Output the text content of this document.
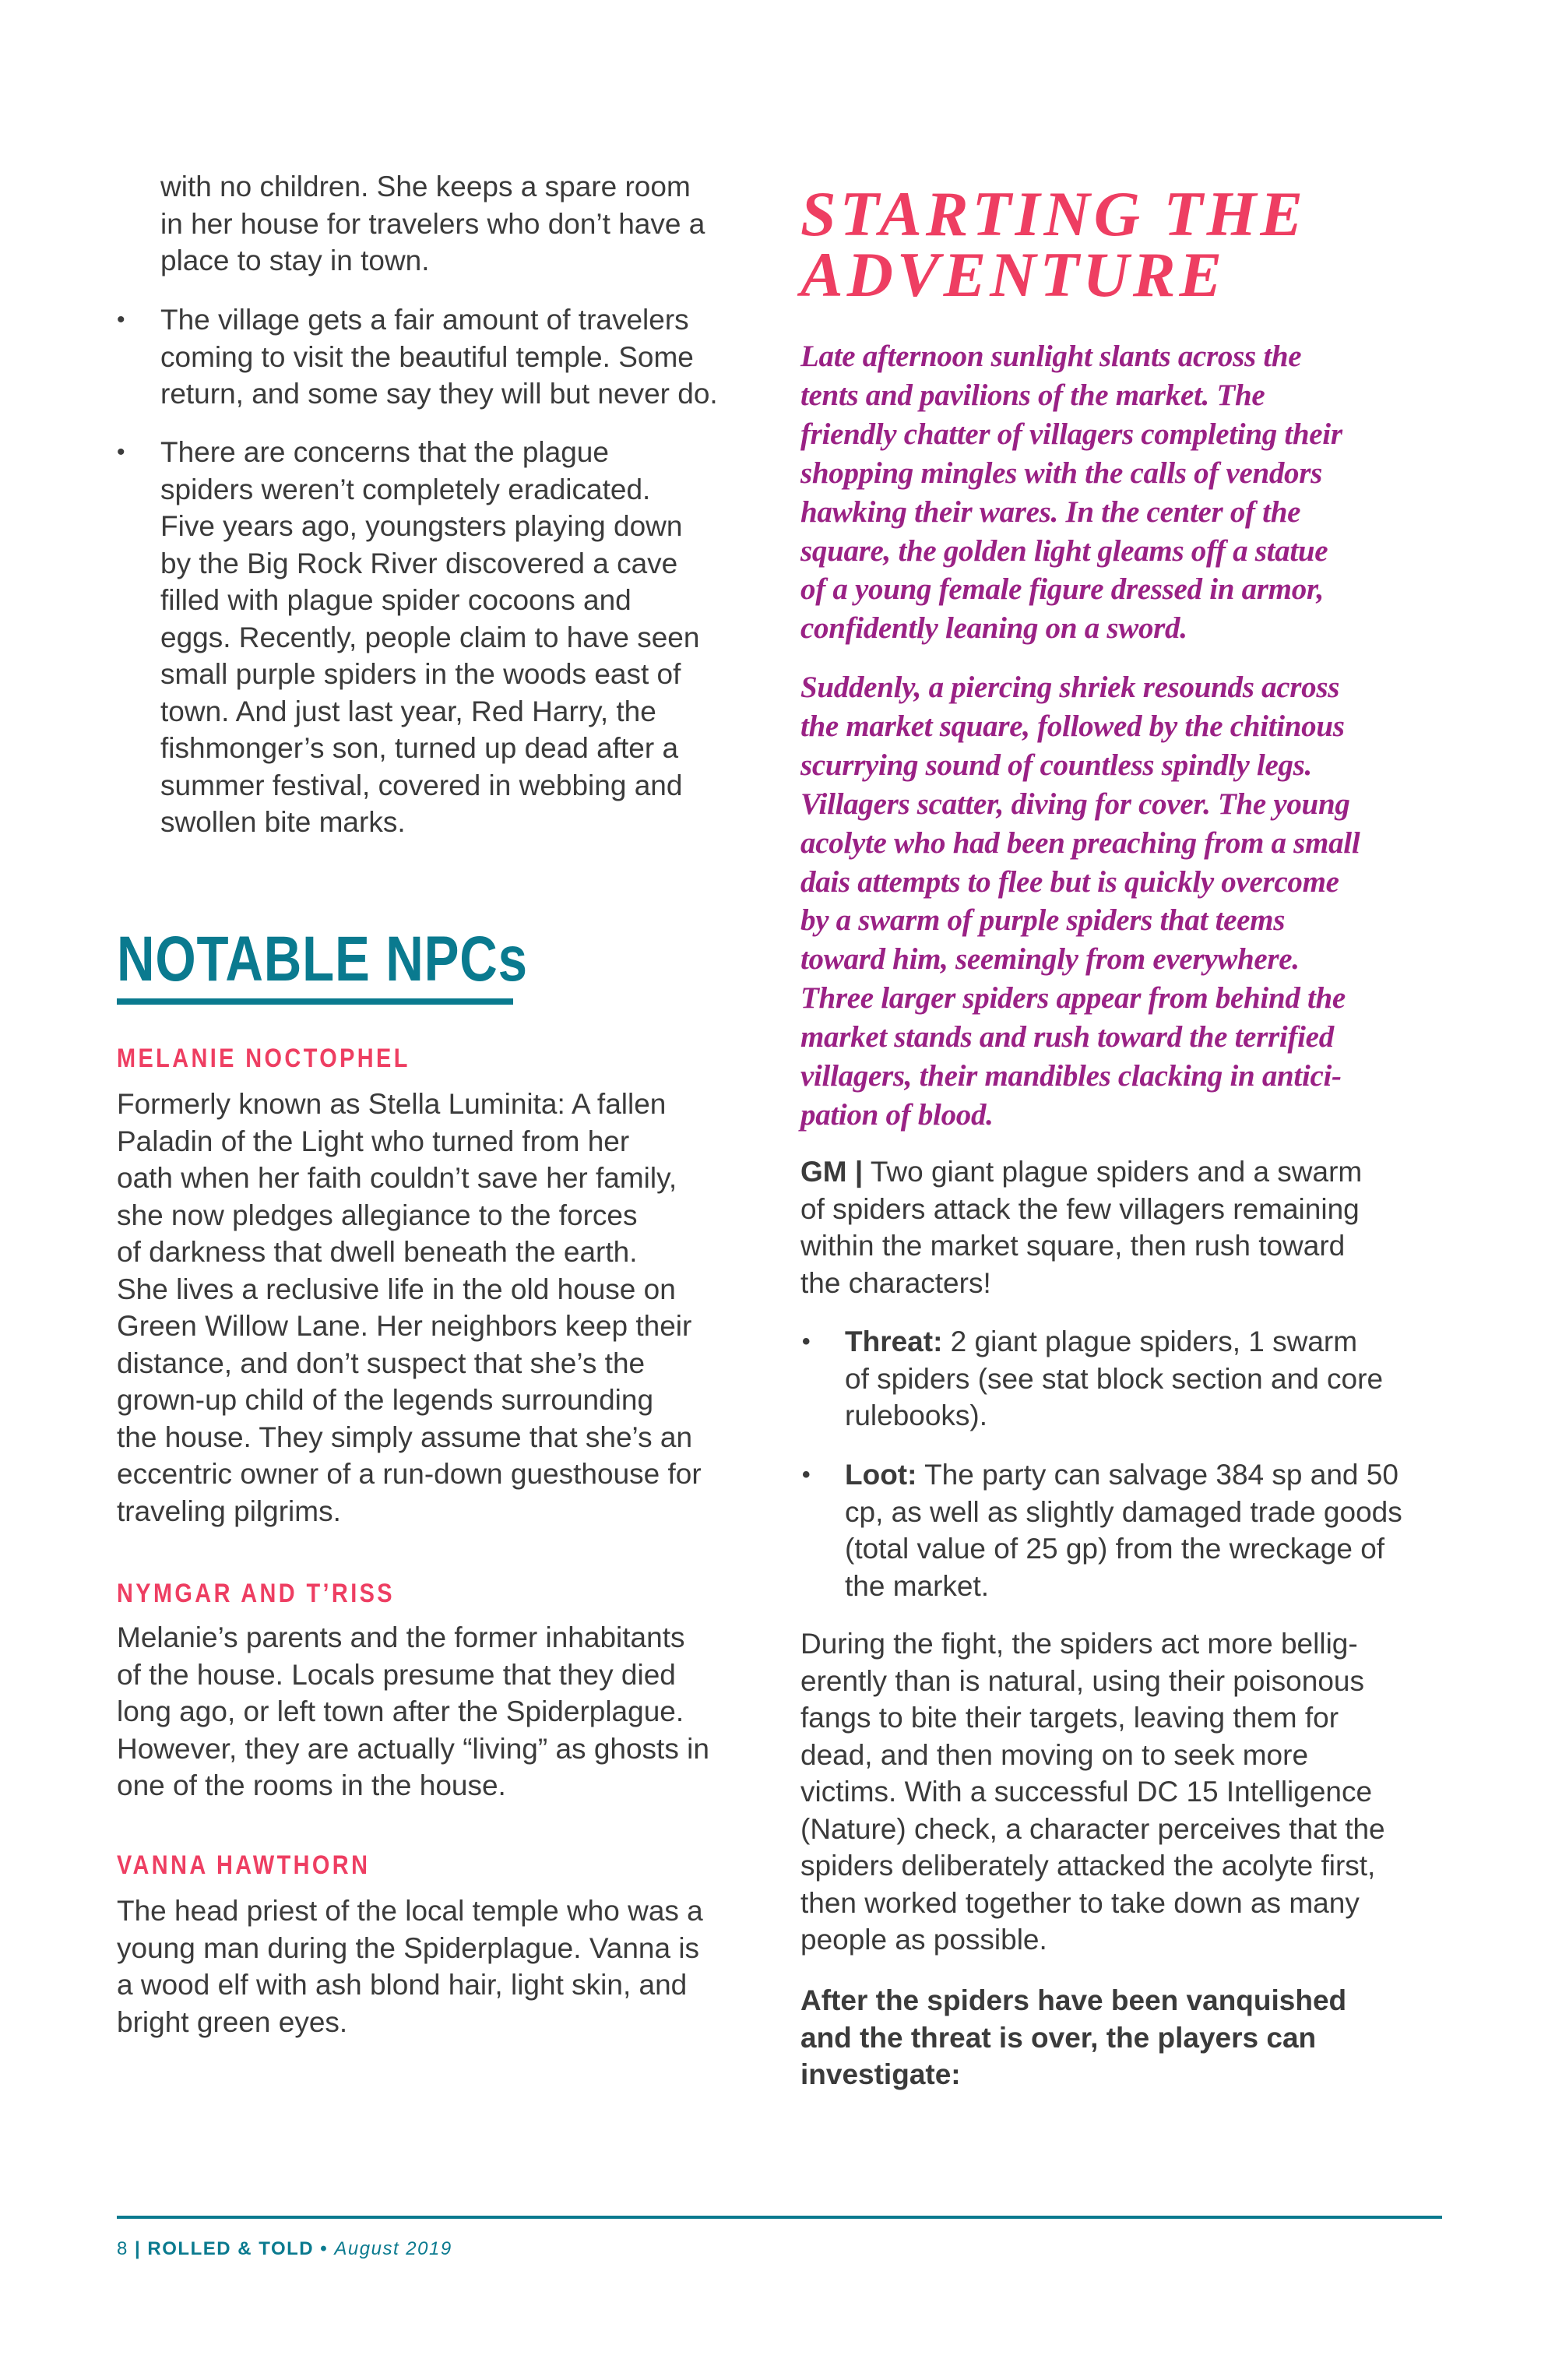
with no children. She keeps a spare room
in her house for travelers who don’t have a
place to stay in town.
• The village gets a fair amount of travelers
coming to visit the beautiful temple. Some
return, and some say they will but never do.
• There are concerns that the plague
spiders weren’t completely eradicated.
Five years ago, youngsters playing down
by the Big Rock River discovered a cave
filled with plague spider cocoons and
eggs. Recently, people claim to have seen
small purple spiders in the woods east of
town. And just last year, Red Harry, the
fishmonger’s son, turned up dead after a
summer festival, covered in webbing and
swollen bite marks.
NOTABLE NPCs
MELANIE NOCTOPHEL
Formerly known as Stella Luminita: A fallen
Paladin of the Light who turned from her
oath when her faith couldn’t save her family,
she now pledges allegiance to the forces
of darkness that dwell beneath the earth.
She lives a reclusive life in the old house on
Green Willow Lane. Her neighbors keep their
distance, and don’t suspect that she’s the
grown-up child of the legends surrounding
the house. They simply assume that she’s an
eccentric owner of a run-down guesthouse for
traveling pilgrims.
NYMGAR AND T’RISS
Melanie’s parents and the former inhabitants
of the house. Locals presume that they died
long ago, or left town after the Spiderplague.
However, they are actually “living” as ghosts in
one of the rooms in the house.
VANNA HAWTHORN
The head priest of the local temple who was a
young man during the Spiderplague. Vanna is
a wood elf with ash blond hair, light skin, and
bright green eyes.
STARTING THE
ADVENTURE
Late afternoon sunlight slants across the
tents and pavilions of the market. The
friendly chatter of villagers completing their
shopping mingles with the calls of vendors
hawking their wares. In the center of the
square, the golden light gleams off a statue
of a young female figure dressed in armor,
confidently leaning on a sword.
Suddenly, a piercing shriek resounds across
the market square, followed by the chitinous
scurrying sound of countless spindly legs.
Villagers scatter, diving for cover. The young
acolyte who had been preaching from a small
dais attempts to flee but is quickly overcome
by a swarm of purple spiders that teems
toward him, seemingly from everywhere.
Three larger spiders appear from behind the
market stands and rush toward the terrified
villagers, their mandibles clacking in antici-
pation of blood.
GM | Two giant plague spiders and a swarm
of spiders attack the few villagers remaining
within the market square, then rush toward
the characters!
• Threat: 2 giant plague spiders, 1 swarm
of spiders (see stat block section and core
rulebooks).
• Loot: The party can salvage 384 sp and 50
cp, as well as slightly damaged trade goods
(total value of 25 gp) from the wreckage of
the market.
During the fight, the spiders act more bellig-
erently than is natural, using their poisonous
fangs to bite their targets, leaving them for
dead, and then moving on to seek more
victims. With a successful DC 15 Intelligence
(Nature) check, a character perceives that the
spiders deliberately attacked the acolyte first,
then worked together to take down as many
people as possible.
After the spiders have been vanquished
and the threat is over, the players can
investigate:
8 | ROLLED & TOLD • August 2019
